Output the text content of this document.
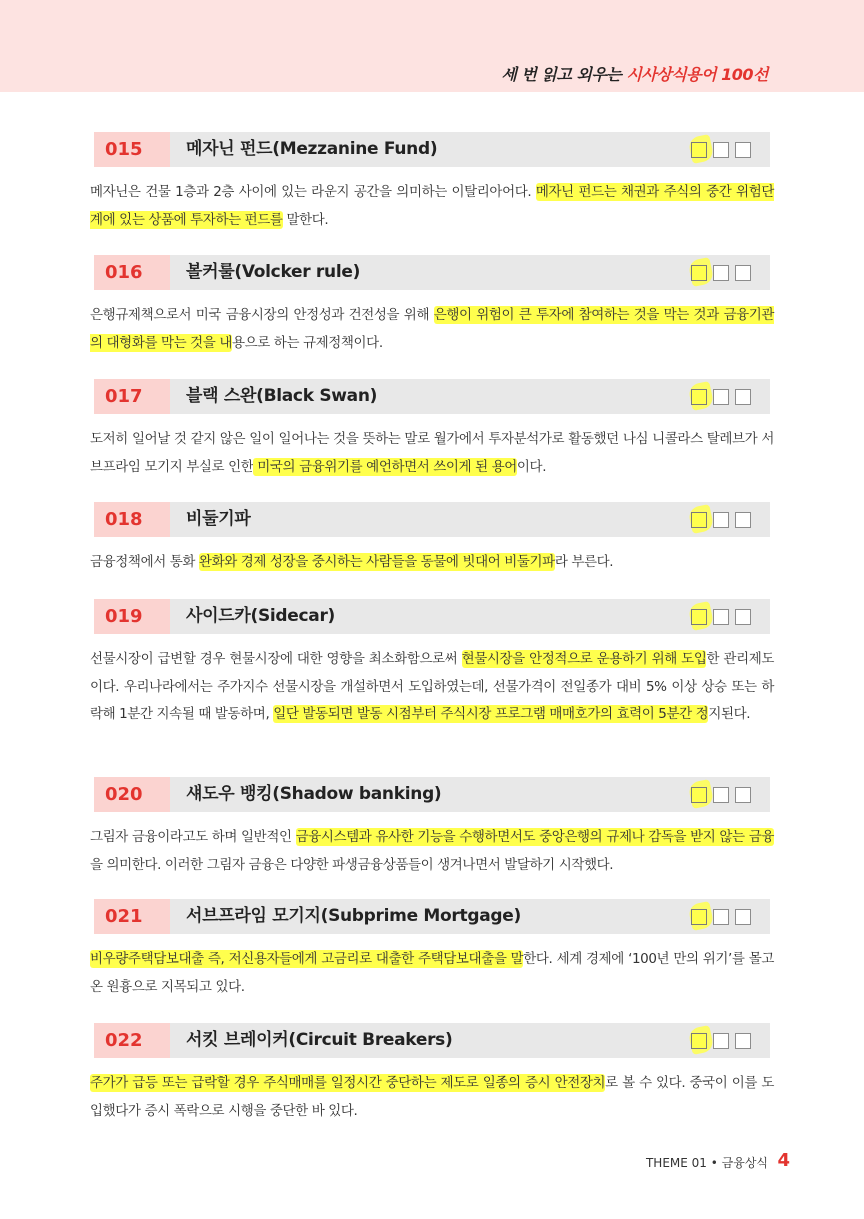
세 번 읽고 외우는 시사상식용어 100선
015	메자닌 펀드(Mezzanine Fund)
메자닌은 건물 1층과 2층 사이에 있는 라운지 공간을 의미하는 이탈리아어다. 메자닌 펀드는 채권과 주식의 중간 위험단계에 있는 상품에 투자하는 펀드를 말한다.
016	볼커룰(Volcker rule)
은행규제책으로서 미국 금융시장의 안정성과 건전성을 위해 은행이 위험이 큰 투자에 참여하는 것을 막는 것과 금융기관의 대형화를 막는 것을 내용으로 하는 규제정책이다.
017	블랙 스완(Black Swan)
도저히 일어날 것 같지 않은 일이 일어나는 것을 뜻하는 말로 월가에서 투자분석가로 활동했던 나심 니콜라스 탈레브가 서브프라임 모기지 부실로 인한 미국의 금융위기를 예언하면서 쓰이게 된 용어이다.
018	비둘기파
금융정책에서 통화 완화와 경제 성장을 중시하는 사람들을 동물에 빗대어 비둘기파라 부른다.
019	사이드카(Sidecar)
선물시장이 급변할 경우 현물시장에 대한 영향을 최소화함으로써 현물시장을 안정적으로 운용하기 위해 도입한 관리제도이다. 우리나라에서는 주가지수 선물시장을 개설하면서 도입하였는데, 선물가격이 전일종가 대비 5% 이상 상승 또는 하락해 1분간 지속될 때 발동하며, 일단 발동되면 발동 시점부터 주식시장 프로그램 매매호가의 효력이 5분간 정지된다.
020	섀도우 뱅킹(Shadow banking)
그림자 금융이라고도 하며 일반적인 금융시스템과 유사한 기능을 수행하면서도 중앙은행의 규제나 감독을 받지 않는 금융을 의미한다. 이러한 그림자 금융은 다양한 파생금융상품들이 생겨나면서 발달하기 시작했다.
021	서브프라임 모기지(Subprime Mortgage)
비우량주택담보대출 즉, 저신용자들에게 고금리로 대출한 주택담보대출을 말한다. 세계 경제에 ‘100년 만의 위기’를 몰고온 원흉으로 지목되고 있다.
022	서킷 브레이커(Circuit Breakers)
주가가 급등 또는 급락할 경우 주식매매를 일정시간 중단하는 제도로 일종의 증시 안전장치로 볼 수 있다. 중국이 이를 도입했다가 증시 폭락으로 시행을 중단한 바 있다.
THEME 01 • 금융상식 4
